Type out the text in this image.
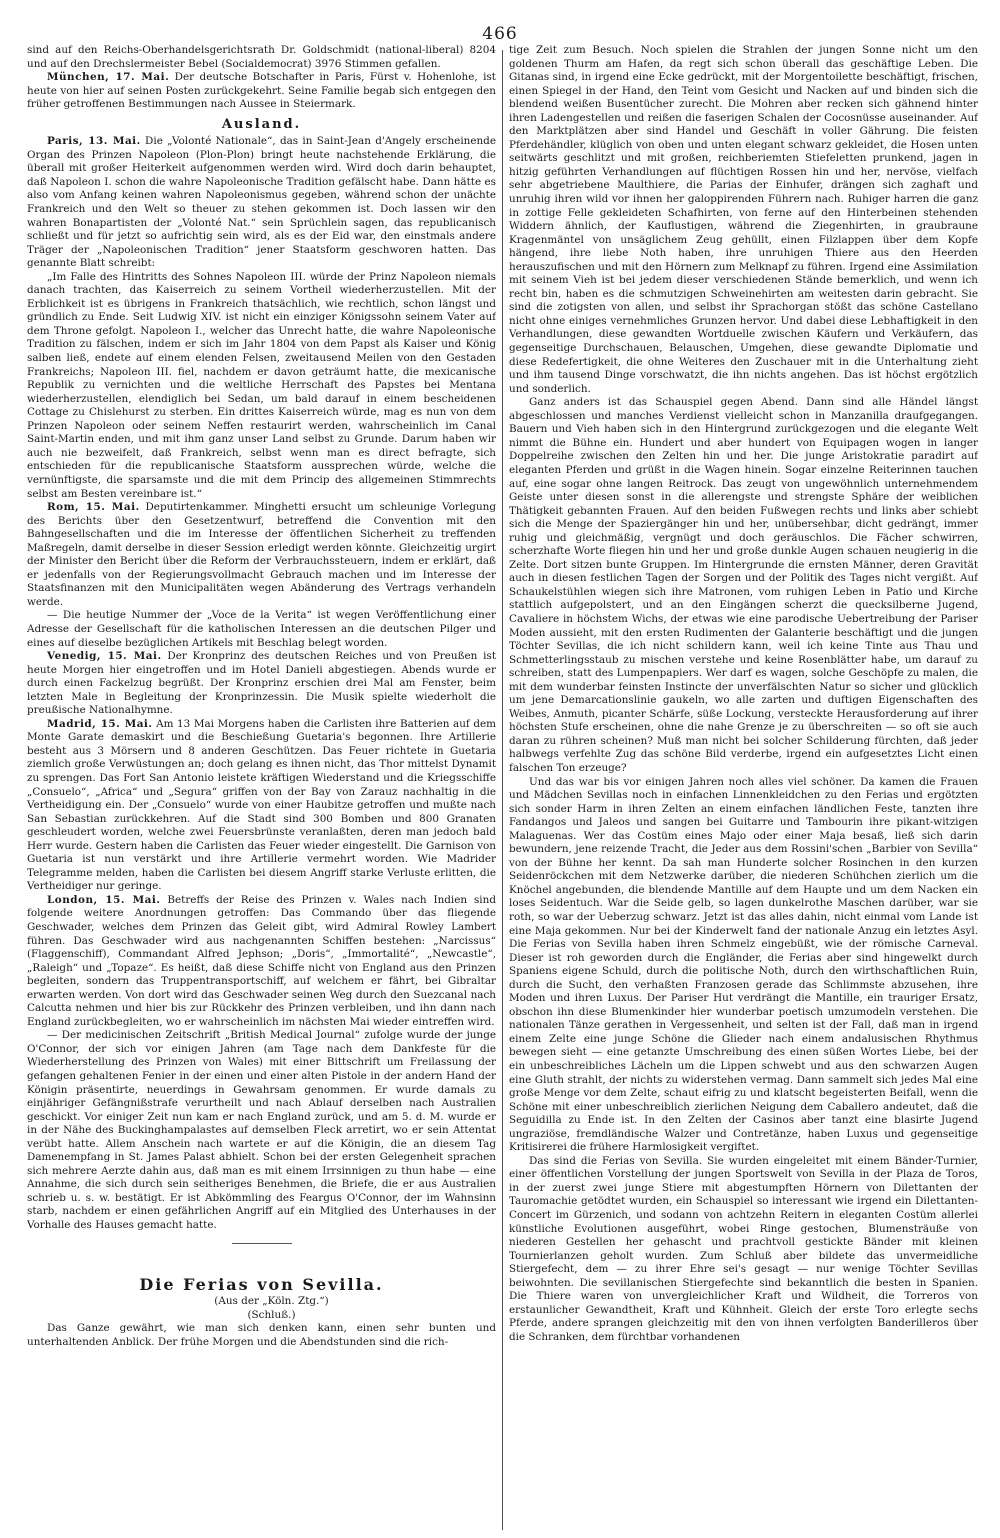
466

sind auf den Reichs-Oberhandelsgerichtsrath Dr. Goldschmidt (national-liberal) 8204 und auf den Drechslermeister Bebel (Socialdemocrat) 3976 Stimmen gefallen.

München, 17. Mai. Der deutsche Botschafter in Paris, Fürst v. Hohenlohe, ist heute von hier auf seinen Posten zurückgekehrt. Seine Familie begab sich entgegen den früher getroffenen Bestimmungen nach Aussee in Steiermark.

Ausland.

Paris, 13. Mai. Die „Volonté Nationale“, das in Saint-Jean d'Angely erscheinende Organ des Prinzen Napoleon (Plon-Plon) bringt heute nachstehende Erklärung, die überall mit großer Heiterkeit aufgenommen werden wird. Wird doch darin behauptet, daß Napoleon I. schon die wahre Napoleonische Tradition gefälscht habe. Dann hätte es also vom Anfang keinen wahren Napoleonismus gegeben, während schon der unächte Frankreich und den Welt so theuer zu stehen gekommen ist. Doch lassen wir den wahren Bonapartisten der „Volonté Nat.“ sein Sprüchlein sagen, das republicanisch schließt und für jetzt so aufrichtig sein wird, als es der Eid war, den einstmals andere Träger der „Napoleonischen Tradition“ jener Staatsform geschworen hatten. Das genannte Blatt schreibt:

„Im Falle des Hintritts des Sohnes Napoleon III. würde der Prinz Napoleon niemals danach trachten, das Kaiserreich zu seinem Vortheil wiederherzustellen. Mit der Erblichkeit ist es übrigens in Frankreich thatsächlich, wie rechtlich, schon längst und gründlich zu Ende. Seit Ludwig XIV. ist nicht ein einziger Königssohn seinem Vater auf dem Throne gefolgt. Napoleon I., welcher das Unrecht hatte, die wahre Napoleonische Tradition zu fälschen, indem er sich im Jahr 1804 von dem Papst als Kaiser und König salben ließ, endete auf einem elenden Felsen, zweitausend Meilen von den Gestaden Frankreichs; Napoleon III. fiel, nachdem er davon geträumt hatte, die mexicanische Republik zu vernichten und die weltliche Herrschaft des Papstes bei Mentana wiederherzustellen, elendiglich bei Sedan, um bald darauf in einem bescheidenen Cottage zu Chislehurst zu sterben. Ein drittes Kaiserreich würde, mag es nun von dem Prinzen Napoleon oder seinem Neffen restaurirt werden, wahrscheinlich im Canal Saint-Martin enden, und mit ihm ganz unser Land selbst zu Grunde. Darum haben wir auch nie bezweifelt, daß Frankreich, selbst wenn man es direct befragte, sich entschieden für die republicanische Staatsform aussprechen würde, welche die vernünftigste, die sparsamste und die mit dem Princip des allgemeinen Stimmrechts selbst am Besten vereinbare ist.“

Rom, 15. Mai. Deputirtenkammer. Minghetti ersucht um schleunige Vorlegung des Berichts über den Gesetzentwurf, betreffend die Convention mit den Bahngesellschaften und die im Interesse der öffentlichen Sicherheit zu treffenden Maßregeln, damit derselbe in dieser Session erledigt werden könnte. Gleichzeitig urgirt der Minister den Bericht über die Reform der Verbrauchssteuern, indem er erklärt, daß er jedenfalls von der Regierungsvollmacht Gebrauch machen und im Interesse der Staatsfinanzen mit den Municipalitäten wegen Abänderung des Vertrags verhandeln werde.

— Die heutige Nummer der „Voce de la Verita“ ist wegen Veröffentlichung einer Adresse der Gesellschaft für die katholischen Interessen an die deutschen Pilger und eines auf dieselbe bezüglichen Artikels mit Beschlag belegt worden.

Venedig, 15. Mai. Der Kronprinz des deutschen Reiches und von Preußen ist heute Morgen hier eingetroffen und im Hotel Danieli abgestiegen. Abends wurde er durch einen Fackelzug begrüßt. Der Kronprinz erschien drei Mal am Fenster, beim letzten Male in Begleitung der Kronprinzessin. Die Musik spielte wiederholt die preußische Nationalhymne.

Madrid, 15. Mai. Am 13 Mai Morgens haben die Carlisten ihre Batterien auf dem Monte Garate demaskirt und die Beschießung Guetaria's begonnen. Ihre Artillerie besteht aus 3 Mörsern und 8 anderen Geschützen. Das Feuer richtete in Guetaria ziemlich große Verwüstungen an; doch gelang es ihnen nicht, das Thor mittelst Dynamit zu sprengen. Das Fort San Antonio leistete kräftigen Wiederstand und die Kriegsschiffe „Consuelo“, „Africa“ und „Segura“ griffen von der Bay von Zarauz nachhaltig in die Vertheidigung ein. Der „Consuelo“ wurde von einer Haubitze getroffen und mußte nach San Sebastian zurückkehren. Auf die Stadt sind 300 Bomben und 800 Granaten geschleudert worden, welche zwei Feuersbrünste veranlaßten, deren man jedoch bald Herr wurde. Gestern haben die Carlisten das Feuer wieder eingestellt. Die Garnison von Guetaria ist nun verstärkt und ihre Artillerie vermehrt worden. Wie Madrider Telegramme melden, haben die Carlisten bei diesem Angriff starke Verluste erlitten, die Vertheidiger nur geringe.

London, 15. Mai. Betreffs der Reise des Prinzen v. Wales nach Indien sind folgende weitere Anordnungen getroffen: Das Commando über das fliegende Geschwader, welches dem Prinzen das Geleit gibt, wird Admiral Rowley Lambert führen. Das Geschwader wird aus nachgenannten Schiffen bestehen: „Narcissus“ (Flaggenschiff), Commandant Alfred Jephson; „Doris“, „Immortalité“, „Newcastle“, „Raleigh“ und „Topaze“. Es heißt, daß diese Schiffe nicht von England aus den Prinzen begleiten, sondern das Truppentransportschiff, auf welchem er fährt, bei Gibraltar erwarten werden. Von dort wird das Geschwader seinen Weg durch den Suezcanal nach Calcutta nehmen und hier bis zur Rückkehr des Prinzen verbleiben, und ihn dann nach England zurückbegleiten, wo er wahrscheinlich im nächsten Mai wieder eintreffen wird.

— Der medicinischen Zeitschrift „British Medical Journal“ zufolge wurde der junge O'Connor, der sich vor einigen Jahren (am Tage nach dem Dankfeste für die Wiederherstellung des Prinzen von Wales) mit einer Bittschrift um Freilassung der gefangen gehaltenen Fenier in der einen und einer alten Pistole in der andern Hand der Königin präsentirte, neuerdings in Gewahrsam genommen. Er wurde damals zu einjähriger Gefängnißstrafe verurtheilt und nach Ablauf derselben nach Australien geschickt. Vor einiger Zeit nun kam er nach England zurück, und am 5. d. M. wurde er in der Nähe des Buckinghampalastes auf demselben Fleck arretirt, wo er sein Attentat verübt hatte. Allem Anschein nach wartete er auf die Königin, die an diesem Tag Damenempfang in St. James Palast abhielt. Schon bei der ersten Gelegenheit sprachen sich mehrere Aerzte dahin aus, daß man es mit einem Irrsinnigen zu thun habe — eine Annahme, die sich durch sein seitheriges Benehmen, die Briefe, die er aus Australien schrieb u. s. w. bestätigt. Er ist Abkömmling des Feargus O'Connor, der im Wahnsinn starb, nachdem er einen gefährlichen Angriff auf ein Mitglied des Unterhauses in der Vorhalle des Hauses gemacht hatte.

Die Ferias von Sevilla.

(Aus der „Köln. Ztg.“)

(Schluß.)

Das Ganze gewährt, wie man sich denken kann, einen sehr bunten und unterhaltenden Anblick. Der frühe Morgen und die Abendstunden sind die rich-

tige Zeit zum Besuch. Noch spielen die Strahlen der jungen Sonne nicht um den goldenen Thurm am Hafen, da regt sich schon überall das geschäftige Leben. Die Gitanas sind, in irgend eine Ecke gedrückt, mit der Morgentoilette beschäftigt, frischen, einen Spiegel in der Hand, den Teint vom Gesicht und Nacken auf und binden sich die blendend weißen Busentücher zurecht. Die Mohren aber recken sich gähnend hinter ihren Ladengestellen und reißen die faserigen Schalen der Cocosnüsse auseinander. Auf den Marktplätzen aber sind Handel und Geschäft in voller Gährung. Die feisten Pferdehändler, klüglich von oben und unten elegant schwarz gekleidet, die Hosen unten seitwärts geschlitzt und mit großen, reichberiemten Stiefeletten prunkend, jagen in hitzig geführten Verhandlungen auf flüchtigen Rossen hin und her, nervöse, vielfach sehr abgetriebene Maulthiere, die Parias der Einhufer, drängen sich zaghaft und unruhig ihren wild vor ihnen her galoppirenden Führern nach. Ruhiger harren die ganz in zottige Felle gekleideten Schafhirten, von ferne auf den Hinterbeinen stehenden Widdern ähnlich, der Kauflustigen, während die Ziegenhirten, in graubraune Kragenmäntel von unsäglichem Zeug gehüllt, einen Filzlappen über dem Kopfe hängend, ihre liebe Noth haben, ihre unruhigen Thiere aus den Heerden herauszufischen und mit den Hörnern zum Melknapf zu führen. Irgend eine Assimilation mit seinem Vieh ist bei jedem dieser verschiedenen Stände bemerklich, und wenn ich recht bin, haben es die schmutzigen Schweinehirten am weitesten darin gebracht. Sie sind die zotigsten von allen, und selbst ihr Sprachorgan stößt das schöne Castellano nicht ohne einiges vernehmliches Grunzen hervor. Und dabei diese Lebhaftigkeit in den Verhandlungen, diese gewandten Wortduelle zwischen Käufern und Verkäufern, das gegenseitige Durchschauen, Belauschen, Umgehen, diese gewandte Diplomatie und diese Redefertigkeit, die ohne Weiteres den Zuschauer mit in die Unterhaltung zieht und ihm tausend Dinge vorschwatzt, die ihn nichts angehen. Das ist höchst ergötzlich und sonderlich.

Ganz anders ist das Schauspiel gegen Abend. Dann sind alle Händel längst abgeschlossen und manches Verdienst vielleicht schon in Manzanilla draufgegangen. Bauern und Vieh haben sich in den Hintergrund zurückgezogen und die elegante Welt nimmt die Bühne ein. Hundert und aber hundert von Equipagen wogen in langer Doppelreihe zwischen den Zelten hin und her. Die junge Aristokratie paradirt auf eleganten Pferden und grüßt in die Wagen hinein. Sogar einzelne Reiterinnen tauchen auf, eine sogar ohne langen Reitrock. Das zeugt von ungewöhnlich unternehmendem Geiste unter diesen sonst in die allerengste und strengste Sphäre der weiblichen Thätigkeit gebannten Frauen. Auf den beiden Fußwegen rechts und links aber schiebt sich die Menge der Spaziergänger hin und her, unübersehbar, dicht gedrängt, immer ruhig und gleichmäßig, vergnügt und doch geräuschlos. Die Fächer schwirren, scherzhafte Worte fliegen hin und her und große dunkle Augen schauen neugierig in die Zelte. Dort sitzen bunte Gruppen. Im Hintergrunde die ernsten Männer, deren Gravität auch in diesen festlichen Tagen der Sorgen und der Politik des Tages nicht vergißt. Auf Schaukelstühlen wiegen sich ihre Matronen, vom ruhigen Leben in Patio und Kirche stattlich aufgepolstert, und an den Eingängen scherzt die quecksilberne Jugend, Cavaliere in höchstem Wichs, der etwas wie eine parodische Uebertreibung der Pariser Moden aussieht, mit den ersten Rudimenten der Galanterie beschäftigt und die jungen Töchter Sevillas, die ich nicht schildern kann, weil ich keine Tinte aus Thau und Schmetterlingsstaub zu mischen verstehe und keine Rosenblätter habe, um darauf zu schreiben, statt des Lumpenpapiers. Wer darf es wagen, solche Geschöpfe zu malen, die mit dem wunderbar feinsten Instincte der unverfälschten Natur so sicher und glücklich um jene Demarcationslinie gaukeln, wo alle zarten und duftigen Eigenschaften des Weibes, Anmuth, picanter Schärfe, süße Lockung, versteckte Herausforderung auf ihrer höchsten Stufe erscheinen, ohne die nahe Grenze je zu überschreiten — so oft sie auch daran zu rühren scheinen? Muß man nicht bei solcher Schilderung fürchten, daß jeder halbwegs verfehlte Zug das schöne Bild verderbe, irgend ein aufgesetztes Licht einen falschen Ton erzeuge?

Und das war bis vor einigen Jahren noch alles viel schöner. Da kamen die Frauen und Mädchen Sevillas noch in einfachen Linnenkleidchen zu den Ferias und ergötzten sich sonder Harm in ihren Zelten an einem einfachen ländlichen Feste, tanzten ihre Fandangos und Jaleos und sangen bei Guitarre und Tambourin ihre pikant-witzigen Malaguenas. Wer das Costüm eines Majo oder einer Maja besaß, ließ sich darin bewundern, jene reizende Tracht, die Jeder aus dem Rossini'schen „Barbier von Sevilla“ von der Bühne her kennt. Da sah man Hunderte solcher Rosinchen in den kurzen Seidenröckchen mit dem Netzwerke darüber, die niederen Schühchen zierlich um die Knöchel angebunden, die blendende Mantille auf dem Haupte und um dem Nacken ein loses Seidentuch. War die Seide gelb, so lagen dunkelrothe Maschen darüber, war sie roth, so war der Ueberzug schwarz. Jetzt ist das alles dahin, nicht einmal vom Lande ist eine Maja gekommen. Nur bei der Kinderwelt fand der nationale Anzug ein letztes Asyl. Die Ferias von Sevilla haben ihren Schmelz eingebüßt, wie der römische Carneval. Dieser ist roh geworden durch die Engländer, die Ferias aber sind hingewelkt durch Spaniens eigene Schuld, durch die politische Noth, durch den wirthschaftlichen Ruin, durch die Sucht, den verhaßten Franzosen gerade das Schlimmste abzusehen, ihre Moden und ihren Luxus. Der Pariser Hut verdrängt die Mantille, ein trauriger Ersatz, obschon ihn diese Blumenkinder hier wunderbar poetisch umzumodeln verstehen. Die nationalen Tänze gerathen in Vergessenheit, und selten ist der Fall, daß man in irgend einem Zelte eine junge Schöne die Glieder nach einem andalusischen Rhythmus bewegen sieht — eine getanzte Umschreibung des einen süßen Wortes Liebe, bei der ein unbeschreibliches Lächeln um die Lippen schwebt und aus den schwarzen Augen eine Gluth strahlt, der nichts zu widerstehen vermag. Dann sammelt sich jedes Mal eine große Menge vor dem Zelte, schaut eifrig zu und klatscht begeisterten Beifall, wenn die Schöne mit einer unbeschreiblich zierlichen Neigung dem Caballero andeutet, daß die Seguidilla zu Ende ist. In den Zelten der Casinos aber tanzt eine blasirte Jugend ungraziöse, fremdländische Walzer und Contretänze, haben Luxus und gegenseitige Kritisirerei die frühere Harmlosigkeit vergiftet.

Das sind die Ferias von Sevilla. Sie wurden eingeleitet mit einem Bänder-Turnier, einer öffentlichen Vorstellung der jungen Sportswelt von Sevilla in der Plaza de Toros, in der zuerst zwei junge Stiere mit abgestumpften Hörnern von Dilettanten der Tauromachie getödtet wurden, ein Schauspiel so interessant wie irgend ein Dilettanten-Concert im Gürzenich, und sodann von achtzehn Reitern in eleganten Costüm allerlei künstliche Evolutionen ausgeführt, wobei Ringe gestochen, Blumensträuße von niederen Gestellen her gehascht und prachtvoll gestickte Bänder mit kleinen Tournierlanzen geholt wurden. Zum Schluß aber bildete das unvermeidliche Stiergefecht, dem — zu ihrer Ehre sei's gesagt — nur wenige Töchter Sevillas beiwohnten. Die sevillanischen Stiergefechte sind bekanntlich die besten in Spanien. Die Thiere waren von unvergleichlicher Kraft und Wildheit, die Torreros von erstaunlicher Gewandtheit, Kraft und Kühnheit. Gleich der erste Toro erlegte sechs Pferde, andere sprangen gleichzeitig mit den von ihnen verfolgten Banderilleros über die Schranken, dem fürchtbar vorhandenen
